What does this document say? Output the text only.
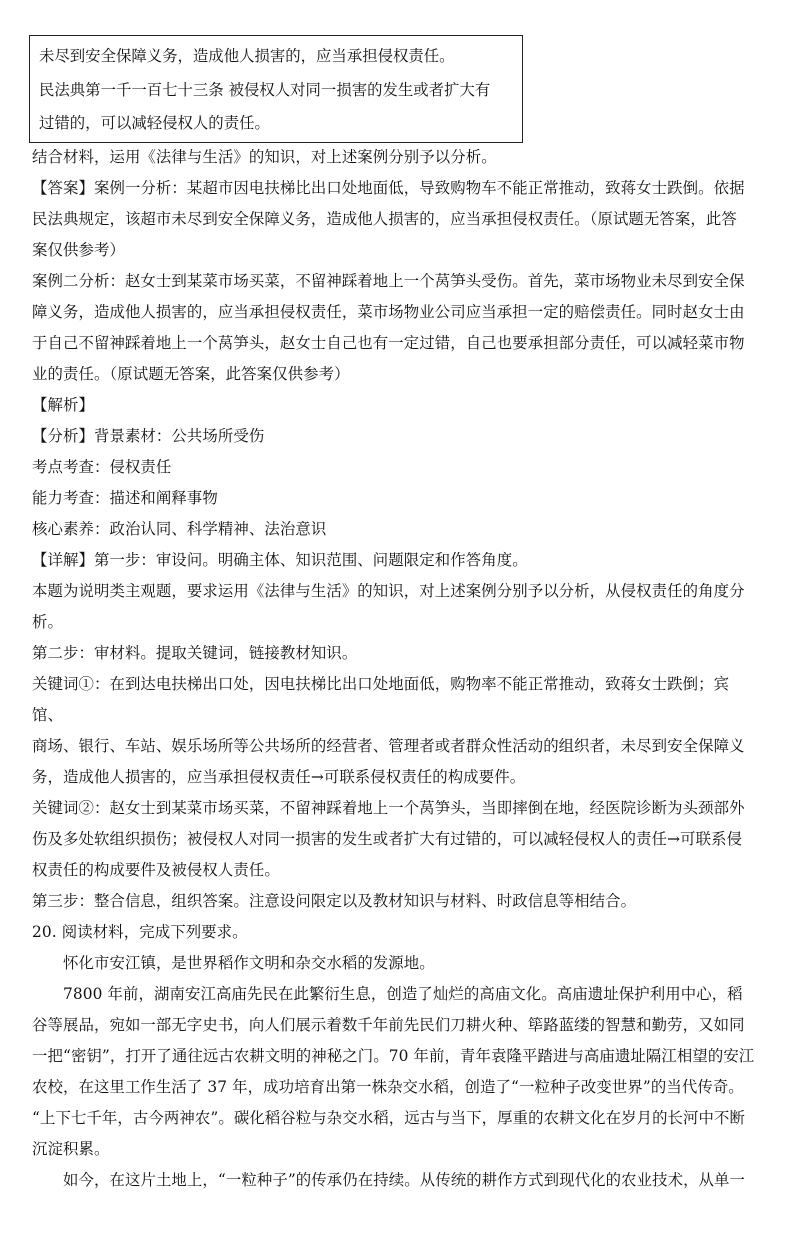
未尽到安全保障义务，造成他人损害的，应当承担侵权责任。

民法典第一千一百七十三条 被侵权人对同一损害的发生或者扩大有

过错的，可以减轻侵权人的责任。

结合材料，运用《法律与生活》的知识，对上述案例分别予以分析。

【答案】案例一分析：某超市因电扶梯比出口处地面低，导致购物车不能正常推动，致蒋女士跌倒。依据

民法典规定，该超市未尽到安全保障义务，造成他人损害的，应当承担侵权责任。（原试题无答案，此答

案仅供参考）

案例二分析：赵女士到某菜市场买菜，不留神踩着地上一个莴笋头受伤。首先，菜市场物业未尽到安全保

障义务，造成他人损害的，应当承担侵权责任，菜市场物业公司应当承担一定的赔偿责任。同时赵女士由

于自己不留神踩着地上一个莴笋头，赵女士自己也有一定过错，自己也要承担部分责任，可以减轻菜市物

业的责任。（原试题无答案，此答案仅供参考）

【解析】

【分析】背景素材：公共场所受伤

考点考查：侵权责任

能力考查：描述和阐释事物

核心素养：政治认同、科学精神、法治意识

【详解】第一步：审设问。明确主体、知识范围、问题限定和作答角度。

本题为说明类主观题，要求运用《法律与生活》的知识，对上述案例分别予以分析，从侵权责任的角度分

析。

第二步：审材料。提取关键词，链接教材知识。

关键词①：在到达电扶梯出口处，因电扶梯比出口处地面低，购物率不能正常推动，致蒋女士跌倒；宾

馆、

商场、银行、车站、娱乐场所等公共场所的经营者、管理者或者群众性活动的组织者，未尽到安全保障义

务，造成他人损害的，应当承担侵权责任→可联系侵权责任的构成要件。

关键词②：赵女士到某菜市场买菜，不留神踩着地上一个莴笋头，当即摔倒在地，经医院诊断为头颈部外

伤及多处软组织损伤；被侵权人对同一损害的发生或者扩大有过错的，可以减轻侵权人的责任→可联系侵

权责任的构成要件及被侵权人责任。

第三步：整合信息，组织答案。注意设问限定以及教材知识与材料、时政信息等相结合。

20. 阅读材料，完成下列要求。

怀化市安江镇，是世界稻作文明和杂交水稻的发源地。

7800 年前，湖南安江高庙先民在此繁衍生息，创造了灿烂的高庙文化。高庙遗址保护利用中心，稻

谷等展品，宛如一部无字史书，向人们展示着数千年前先民们刀耕火种、筚路蓝缕的智慧和勤劳，又如同

一把“密钥”，打开了通往远古农耕文明的神秘之门。70 年前，青年袁隆平踏进与高庙遗址隔江相望的安江

农校，在这里工作生活了 37 年，成功培育出第一株杂交水稻，创造了“一粒种子改变世界”的当代传奇。

“上下七千年，古今两神农”。碳化稻谷粒与杂交水稻，远古与当下，厚重的农耕文化在岁月的长河中不断

沉淀积累。

如今，在这片土地上，“一粒种子”的传承仍在持续。从传统的耕作方式到现代化的农业技术，从单一
